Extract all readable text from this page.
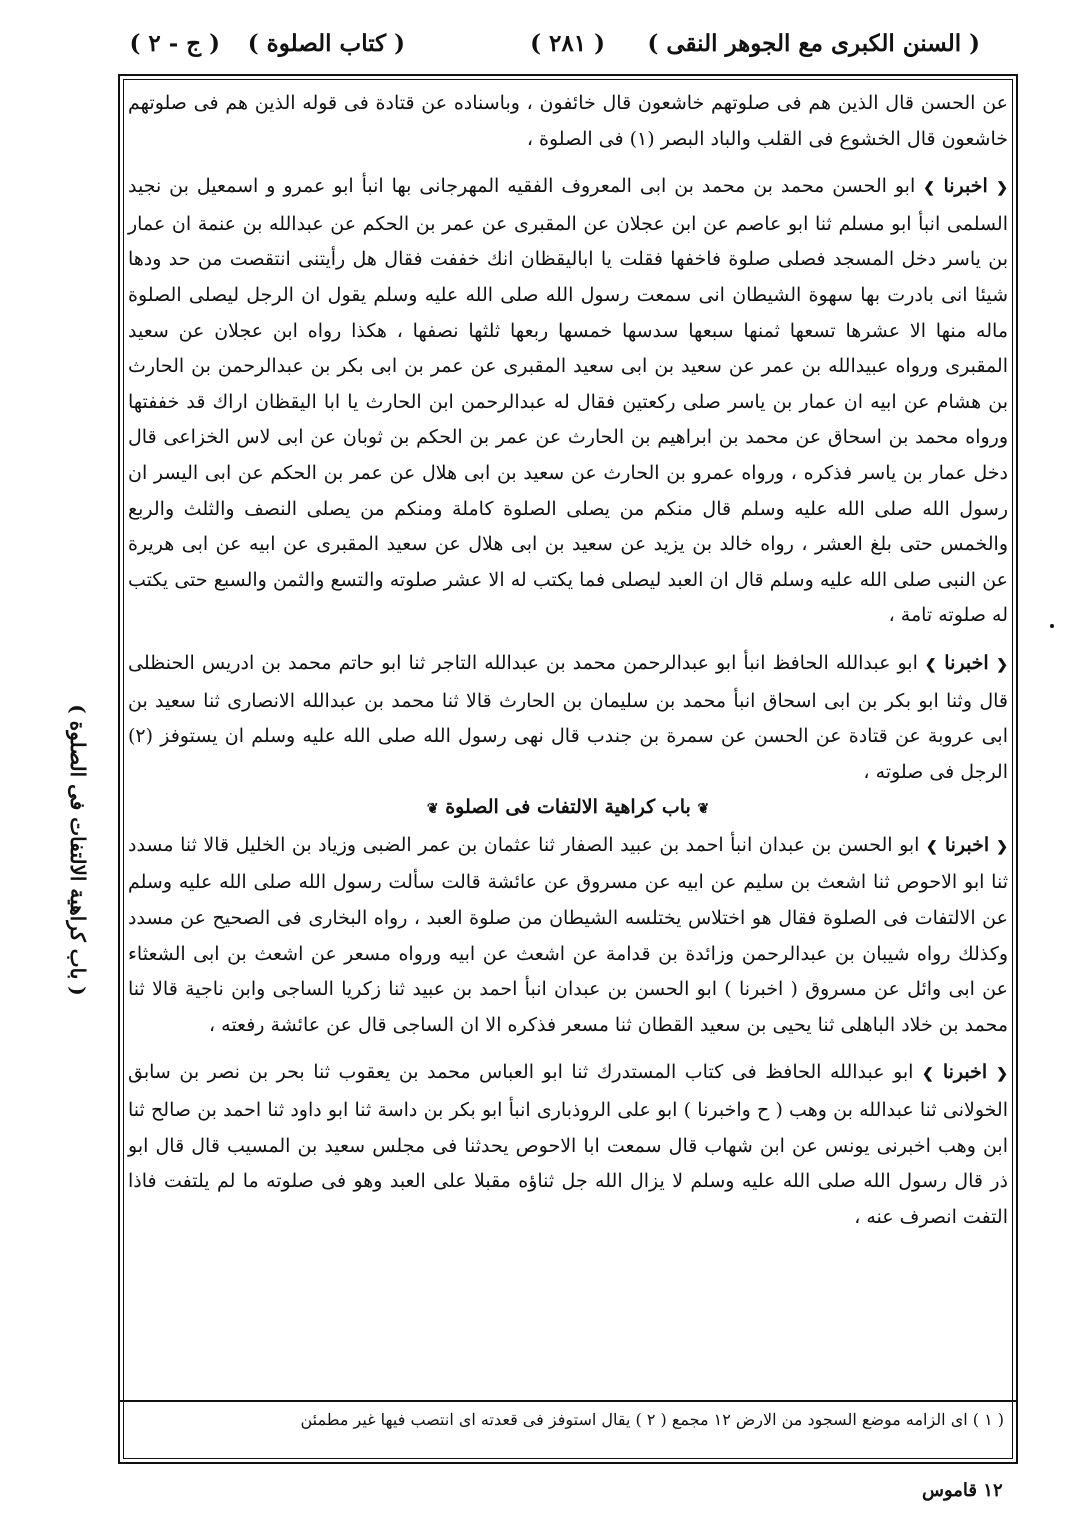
( السنن الكبرى مع الجوهر النقى )
( ٢٨١ )
( كتاب الصلوة )
( ج - ٢ )
( باب كراهية الالتفات فى الصلوة )

عن الحسن قال الذين هم فى صلوتهم خاشعون قال خائفون ، وباسناده عن قتادة فى قوله الذين هم فى صلوتهم خاشعون قال الخشوع فى القلب والباد البصر (١) فى الصلوة ،

❮ اخبرنا ❯ ابو الحسن محمد بن محمد بن ابى المعروف الفقيه المهرجانى بها انبأ ابو عمرو و اسمعيل بن نجيد السلمى انبأ ابو مسلم ثنا ابو عاصم عن ابن عجلان عن المقبرى عن عمر بن الحكم عن عبدالله بن عنمة ان عمار بن ياسر دخل المسجد فصلى صلوة فاخفها فقلت يا اباليقظان انك خففت فقال هل رأيتنى انتقصت من حد ودها شيئا انى بادرت بها سهوة الشيطان انى سمعت رسول الله صلى الله عليه وسلم يقول ان الرجل ليصلى الصلوة ماله منها الا عشرها تسعها ثمنها سبعها سدسها خمسها ربعها ثلثها نصفها ، هكذا رواه ابن عجلان عن سعيد المقبرى ورواه عبيدالله بن عمر عن سعيد بن ابى سعيد المقبرى عن عمر بن ابى بكر بن عبدالرحمن بن الحارث بن هشام عن ابيه ان عمار بن ياسر صلى ركعتين فقال له عبدالرحمن ابن الحارث يا ابا اليقظان اراك قد خففتها ورواه محمد بن اسحاق عن محمد بن ابراهيم بن الحارث عن عمر بن الحكم بن ثوبان عن ابى لاس الخزاعى قال دخل عمار بن ياسر فذكره ، ورواه عمرو بن الحارث عن سعيد بن ابى هلال عن عمر بن الحكم عن ابى اليسر ان رسول الله صلى الله عليه وسلم قال منكم من يصلى الصلوة كاملة ومنكم من يصلى النصف والثلث والربع والخمس حتى بلغ العشر ، رواه خالد بن يزيد عن سعيد بن ابى هلال عن سعيد المقبرى عن ابيه عن ابى هريرة عن النبى صلى الله عليه وسلم قال ان العبد ليصلى فما يكتب له الا عشر صلوته والتسع والثمن والسبع حتى يكتب له صلوته تامة ،

❮ اخبرنا ❯ ابو عبدالله الحافظ انبأ ابو عبدالرحمن محمد بن عبدالله التاجر ثنا ابو حاتم محمد بن ادريس الحنظلى قال وثنا ابو بكر بن ابى اسحاق انبأ محمد بن سليمان بن الحارث قالا ثنا محمد بن عبدالله الانصارى ثنا سعيد بن ابى عروبة عن قتادة عن الحسن عن سمرة بن جندب قال نهى رسول الله صلى الله عليه وسلم ان يستوفز (٢) الرجل فى صلوته ،

❦ باب كراهية الالتفات فى الصلوة ❦

❮ اخبرنا ❯ ابو الحسن بن عبدان انبأ احمد بن عبيد الصفار ثنا عثمان بن عمر الضبى وزياد بن الخليل قالا ثنا مسدد ثنا ابو الاحوص ثنا اشعث بن سليم عن ابيه عن مسروق عن عائشة قالت سألت رسول الله صلى الله عليه وسلم عن الالتفات فى الصلوة فقال هو اختلاس يختلسه الشيطان من صلوة العبد ، رواه البخارى فى الصحيح عن مسدد وكذلك رواه شيبان بن عبدالرحمن وزائدة بن قدامة عن اشعث عن ابيه ورواه مسعر عن اشعث بن ابى الشعثاء عن ابى وائل عن مسروق ( اخبرنا ) ابو الحسن بن عبدان انبأ احمد بن عبيد ثنا زكريا الساجى وابن ناجية قالا ثنا محمد بن خلاد الباهلى ثنا يحيى بن سعيد القطان ثنا مسعر فذكره الا ان الساجى قال عن عائشة رفعته ،

❮ اخبرنا ❯ ابو عبدالله الحافظ فى كتاب المستدرك ثنا ابو العباس محمد بن يعقوب ثنا بحر بن نصر بن سابق الخولانى ثنا عبدالله بن وهب ( ح واخبرنا ) ابو على الروذبارى انبأ ابو بكر بن داسة ثنا ابو داود ثنا احمد بن صالح ثنا ابن وهب اخبرنى يونس عن ابن شهاب قال سمعت ابا الاحوص يحدثنا فى مجلس سعيد بن المسيب قال قال ابو ذر قال رسول الله صلى الله عليه وسلم لا يزال الله جل ثناؤه مقبلا على العبد وهو فى صلوته ما لم يلتفت فاذا التفت انصرف عنه ،

( ١ ) اى الزامه موضع السجود من الارض ١٢ مجمع ( ٢ ) يقال استوفز فى قعدته اى انتصب فيها غير مطمئن
١٢ قاموس
